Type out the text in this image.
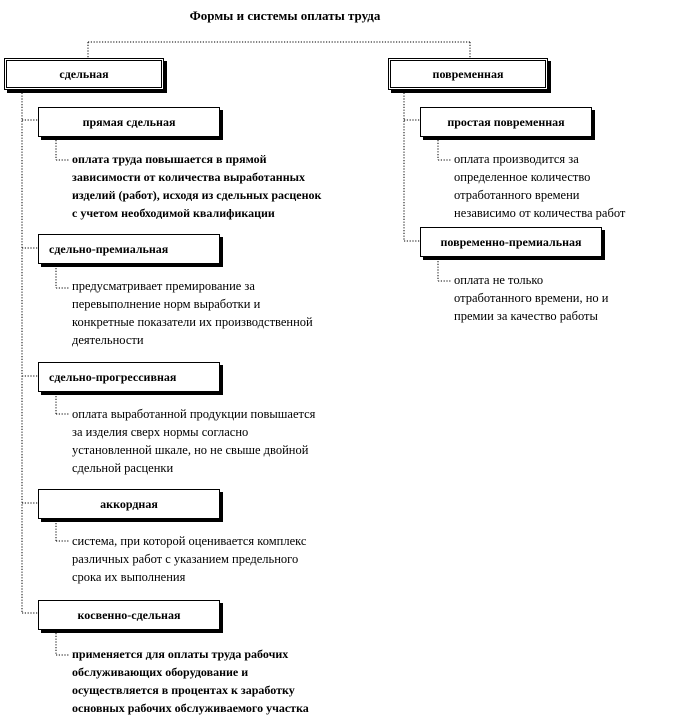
Формы и системы оплаты труда
сдельная	повременная
прямая сдельная
оплата труда повышается в прямой
зависимости от количества выработанных
изделий (работ), исходя из сдельных расценок
с учетом необходимой квалификации
сдельно-премиальная
предусматривает премирование за
перевыполнение норм выработки и
конкретные показатели их производственной
деятельности
сдельно-прогрессивная
оплата выработанной продукции повышается
за изделия сверх нормы согласно
установленной шкале, но не свыше двойной
сдельной расценки
аккордная
система, при которой оценивается комплекс
различных работ с указанием предельного
срока их выполнения
косвенно-сдельная
применяется для оплаты труда рабочих
обслуживающих оборудование и
осуществляется в процентах к заработку
основных рабочих обслуживаемого участка
простая повременная
оплата производится за
определенное количество
отработанного времени
независимо от количества работ
повременно-премиальная
оплата не только
отработанного времени, но и
премии за качество работы
